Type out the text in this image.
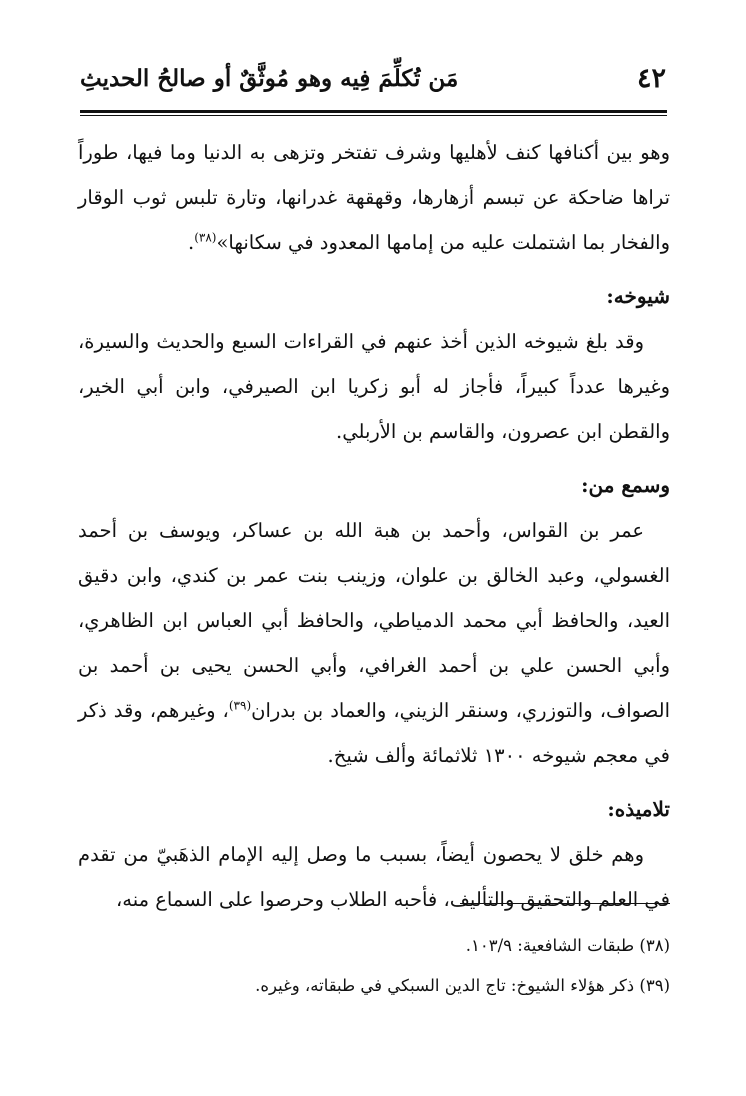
٤٢
مَن تُكلِّمَ فِيه وهو مُوثَّقٌ أو صالحُ الحديثِ

وهو بين أكنافها كنف لأهليها وشرف تفتخر وتزهى به الدنيا وما فيها، طوراً تراها ضاحكة عن تبسم أزهارها، وقهقهة غدرانها، وتارة تلبس ثوب الوقار والفخار بما اشتملت عليه من إمامها المعدود في سكانها»$^{(٣٨)}$.

شيوخه:

وقد بلغ شيوخه الذين أخذ عنهم في القراءات السبع والحديث والسيرة، وغيرها عدداً كبيراً، فأجاز له أبو زكريا ابن الصيرفي، وابن أبي الخير، والقطن ابن عصرون، والقاسم بن الأربلي.

وسمع من:

عمر بن القواس، وأحمد بن هبة الله بن عساكر، ويوسف بن أحمد الغسولي، وعبد الخالق بن علوان، وزينب بنت عمر بن كندي، وابن دقيق العيد، والحافظ أبي محمد الدمياطي، والحافظ أبي العباس ابن الظاهري، وأبي الحسن علي بن أحمد الغرافي، وأبي الحسن يحيى بن أحمد بن الصواف، والتوزري، وسنقر الزيني، والعماد بن بدران$^{(٣٩)}$، وغيرهم، وقد ذكر في معجم شيوخه ١٣٠٠ ثلاثمائة وألف شيخ.

تلاميذه:

وهم خلق لا يحصون أيضاً، بسبب ما وصل إليه الإمام الذهَبيّ من تقدم في العلم والتحقيق والتأليف، فأحبه الطلاب وحرصوا على السماع منه،

(٣٨) طبقات الشافعية: ١٠٣/٩.

(٣٩) ذكر هؤلاء الشيوخ: تاج الدين السبكي في طبقاته، وغيره.
